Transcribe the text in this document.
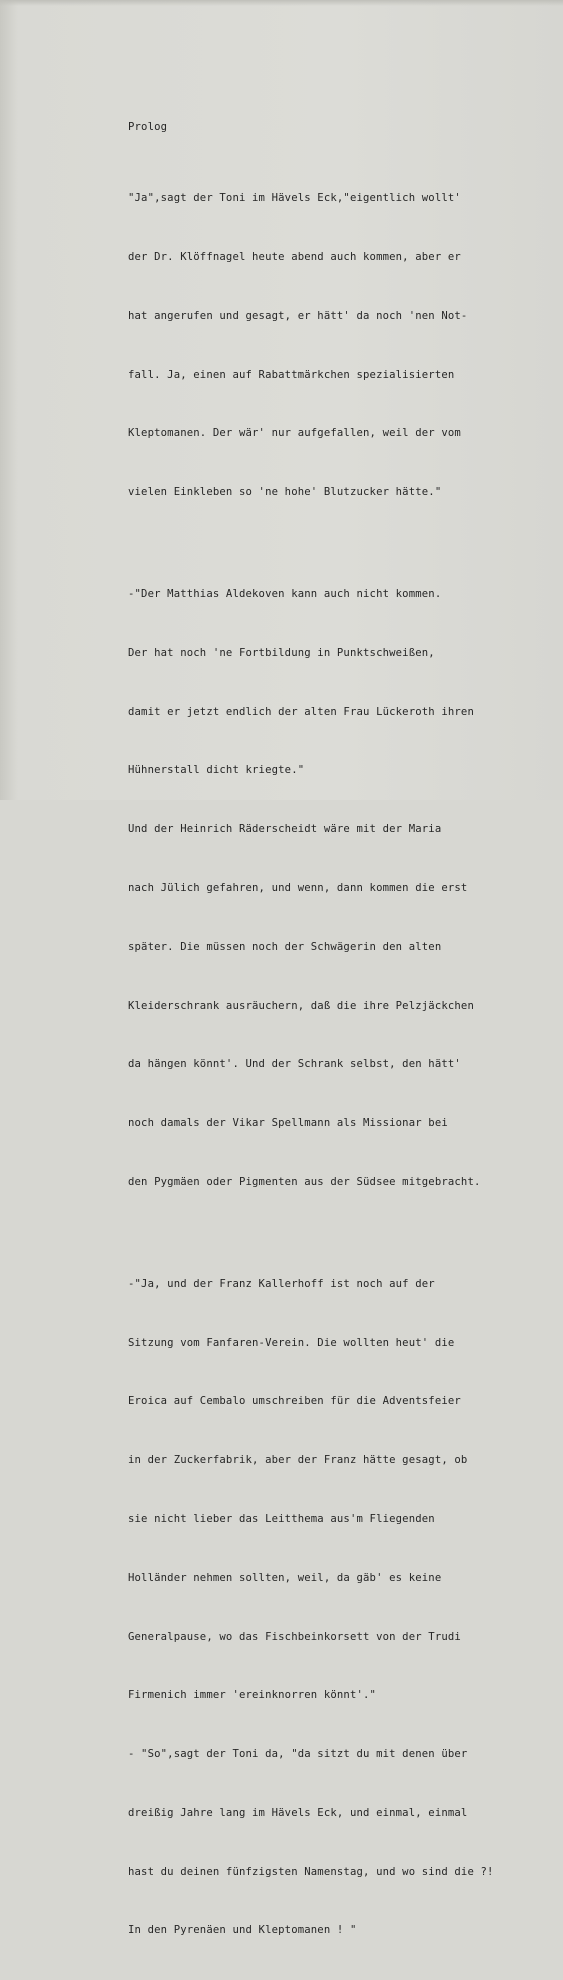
Prolog

"Ja",sagt der Toni im Hävels Eck,"eigentlich wollt'

der Dr. Klöffnagel heute abend auch kommen, aber er

hat angerufen und gesagt, er hätt' da noch 'nen Not-

fall. Ja, einen auf Rabattmärkchen spezialisierten

Kleptomanen. Der wär' nur aufgefallen, weil der vom

vielen Einkleben so 'ne hohe' Blutzucker hätte."

-"Der Matthias Aldekoven kann auch nicht kommen.

Der hat noch 'ne Fortbildung in Punktschweißen,

damit er jetzt endlich der alten Frau Lückeroth ihren

Hühnerstall dicht kriegte."

Und der Heinrich Räderscheidt wäre mit der Maria

nach Jülich gefahren, und wenn, dann kommen die erst

später. Die müssen noch der Schwägerin den alten

Kleiderschrank ausräuchern, daß die ihre Pelzjäckchen

da hängen könnt'. Und der Schrank selbst, den hätt'

noch damals der Vikar Spellmann als Missionar bei

den Pygmäen oder Pigmenten aus der Südsee mitgebracht.

-"Ja, und der Franz Kallerhoff ist noch auf der

Sitzung vom Fanfaren-Verein. Die wollten heut' die

Eroica auf Cembalo umschreiben für die Adventsfeier

in der Zuckerfabrik, aber der Franz hätte gesagt, ob

sie nicht lieber das Leitthema aus'm Fliegenden

Holländer nehmen sollten, weil, da gäb' es keine

Generalpause, wo das Fischbeinkorsett von der Trudi

Firmenich immer 'ereinknorren könnt'."

- "So",sagt der Toni da, "da sitzt du mit denen über

dreißig Jahre lang im Hävels Eck, und einmal, einmal

hast du deinen fünfzigsten Namenstag, und wo sind die ?!

In den Pyrenäen und Kleptomanen ! "
